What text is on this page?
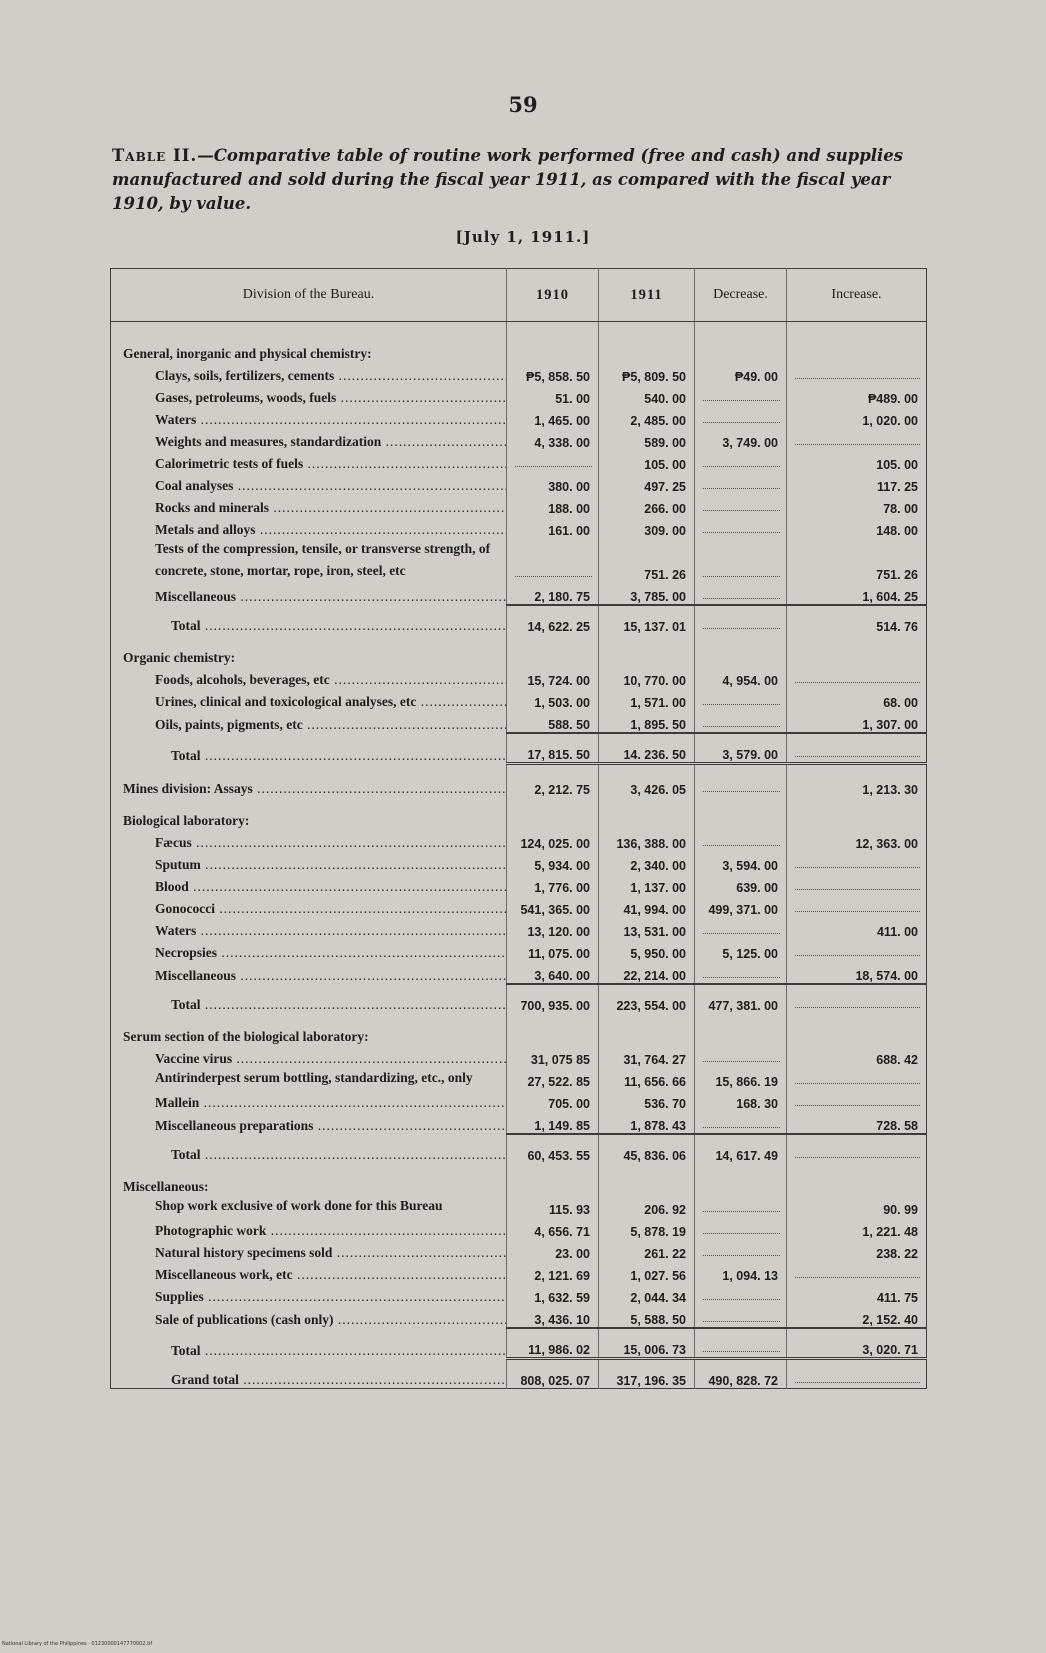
59
Table II.—Comparative table of routine work performed (free and cash) and supplies manufactured and sold during the fiscal year 1911, as compared with the fiscal year 1910, by value.
[July 1, 1911.]
Division of the Bureau.	1910	1911	Decrease.	Increase.
General, inorganic and physical chemistry:				
Clays, soils, fertilizers, cements .....	₱5, 858. 50	₱5, 809. 50	₱49. 00	
Gases, petroleums, woods, fuels .....	51. 00	540. 00		₱489. 00
Waters .....	1, 465. 00	2, 485. 00		1, 020. 00
Weights and measures, standardization .....	4, 338. 00	589. 00	3, 749. 00	
Calorimetric tests of fuels .....		105. 00		105. 00
Coal analyses .....	380. 00	497. 25		117. 25
Rocks and minerals .....	188. 00	266. 00		78. 00
Metals and alloys .....	161. 00	309. 00		148. 00
Tests of the compression, tensile, or transverse strength, of concrete, stone, mortar, rope, iron, steel, etc		751. 26		751. 26
Miscellaneous .....	2, 180. 75	3, 785. 00		1, 604. 25
Total .....	14, 622. 25	15, 137. 01		514. 76
Organic chemistry:				
Foods, alcohols, beverages, etc .....	15, 724. 00	10, 770. 00	4, 954. 00	
Urines, clinical and toxicological analyses, etc .....	1, 503. 00	1, 571. 00		68. 00
Oils, paints, pigments, etc .....	588. 50	1, 895. 50		1, 307. 00
Total .....	17, 815. 50	14. 236. 50	3, 579. 00	
Mines division: Assays .....	2, 212. 75	3, 426. 05		1, 213. 30
Biological laboratory:				
Fæcus .....	124, 025. 00	136, 388. 00		12, 363. 00
Sputum .....	5, 934. 00	2, 340. 00	3, 594. 00	
Blood .....	1, 776. 00	1, 137. 00	639. 00	
Gonococci .....	541, 365. 00	41, 994. 00	499, 371. 00	
Waters .....	13, 120. 00	13, 531. 00		411. 00
Necropsies .....	11, 075. 00	5, 950. 00	5, 125. 00	
Miscellaneous .....	3, 640. 00	22, 214. 00		18, 574. 00
Total .....	700, 935. 00	223, 554. 00	477, 381. 00	
Serum section of the biological laboratory:				
Vaccine virus .....	31, 075 85	31, 764. 27		688. 42
Antirinderpest serum bottling, standardizing, etc., only	27, 522. 85	11, 656. 66	15, 866. 19	
Mallein .....	705. 00	536. 70	168. 30	
Miscellaneous preparations .....	1, 149. 85	1, 878. 43		728. 58
Total .....	60, 453. 55	45, 836. 06	14, 617. 49	
Miscellaneous:				
Shop work exclusive of work done for this Bureau	115. 93	206. 92		90. 99
Photographic work .....	4, 656. 71	5, 878. 19		1, 221. 48
Natural history specimens sold .....	23. 00	261. 22		238. 22
Miscellaneous work, etc .....	2, 121. 69	1, 027. 56	1, 094. 13	
Supplies .....	1, 632. 59	2, 044. 34		411. 75
Sale of publications (cash only) .....	3, 436. 10	5, 588. 50		2, 152. 40
Total .....	11, 986. 02	15, 006. 73		3, 020. 71
Grand total .....	808, 025. 07	317, 196. 35	490, 828. 72	
National Library of the Philippines · 01230000147770002.tif
